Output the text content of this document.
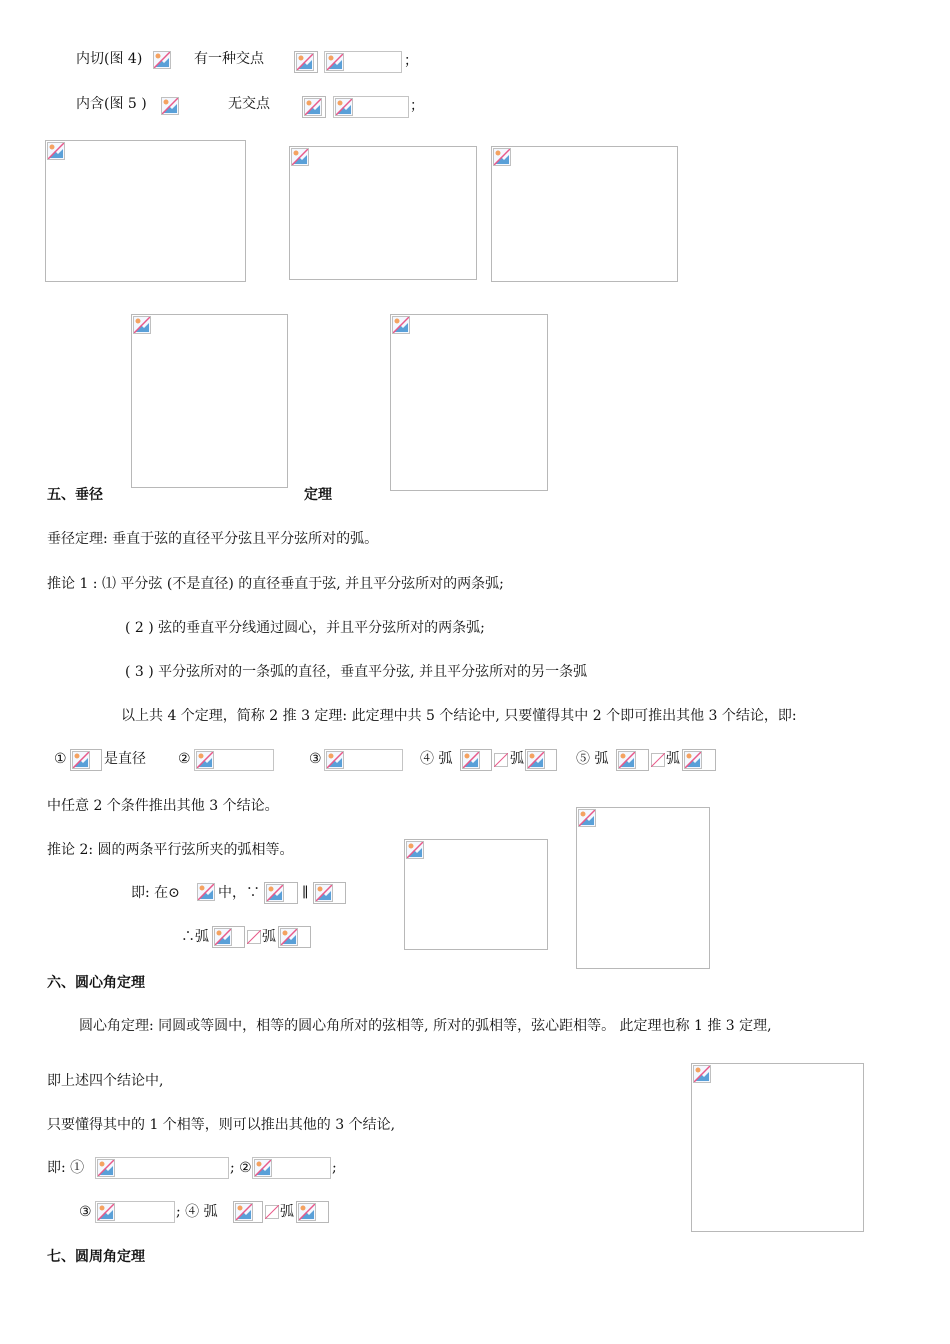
内切(图 4)	有一种交点	；
内含(图 5 )	无交点	；
五、垂径	定理
垂径定理: 垂直于弦的直径平分弦且平分弦所对的弧。
推论 1 : ⑴ 平分弦 (不是直径) 的直径垂直于弦, 并且平分弦所对的两条弧;
( 2 ) 弦的垂直平分线通过圆心，并且平分弦所对的两条弧;
( 3 ) 平分弦所对的一条弧的直径，垂直平分弦, 并且平分弦所对的另一条弧
以上共 4 个定理，简称 2 推 3 定理: 此定理中共 5 个结论中, 只要懂得其中 2 个即可推出其他 3 个结论，即:
①	是直径 ②	③	④ 弧	弧	⑤ 弧	弧
中任意 2 个条件推出其他 3 个结论。
推论 2: 圆的两条平行弦所夹的弧相等。
即: 在⊙	中，∵	∥
∴弧	弧
六、圆心角定理
圆心角定理: 同圆或等圆中，相等的圆心角所对的弦相等, 所对的弧相等，弦心距相等。 此定理也称 1 推 3 定理,
即上述四个结论中,
只要懂得其中的 1 个相等，则可以推出其他的 3 个结论,
即: ①	; ②	;
③	; ④ 弧	弧
七、圆周角定理
